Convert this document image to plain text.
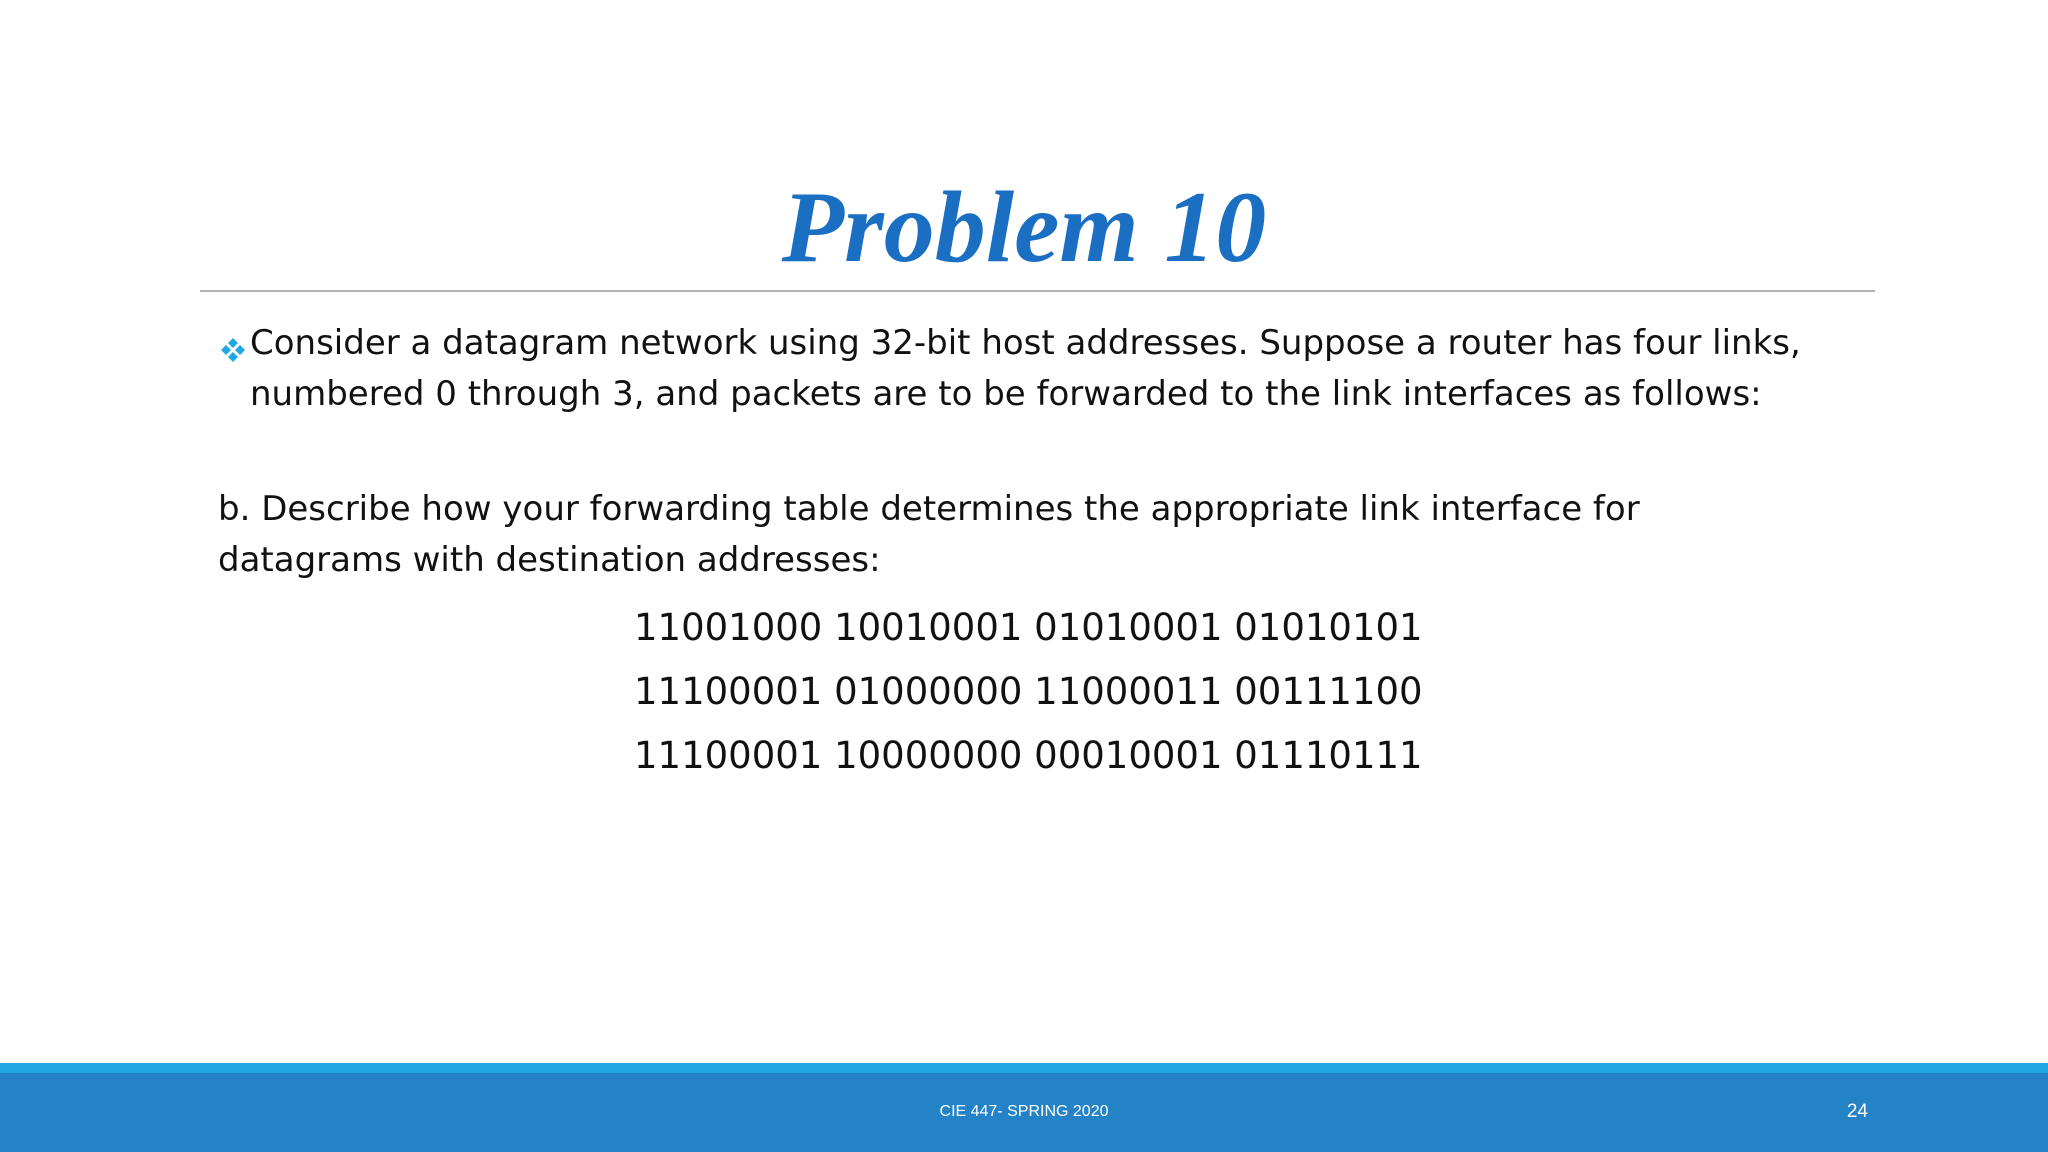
Problem 10
Consider a datagram network using 32-bit host addresses. Suppose a router has four links, numbered 0 through 3, and packets are to be forwarded to the link interfaces as follows:
b. Describe how your forwarding table determines the appropriate link interface for datagrams with destination addresses:
11001000 10010001 01010001 01010101
11100001 01000000 11000011 00111100
11100001 10000000 00010001 01110111
CIE 447- SPRING 2020	24
